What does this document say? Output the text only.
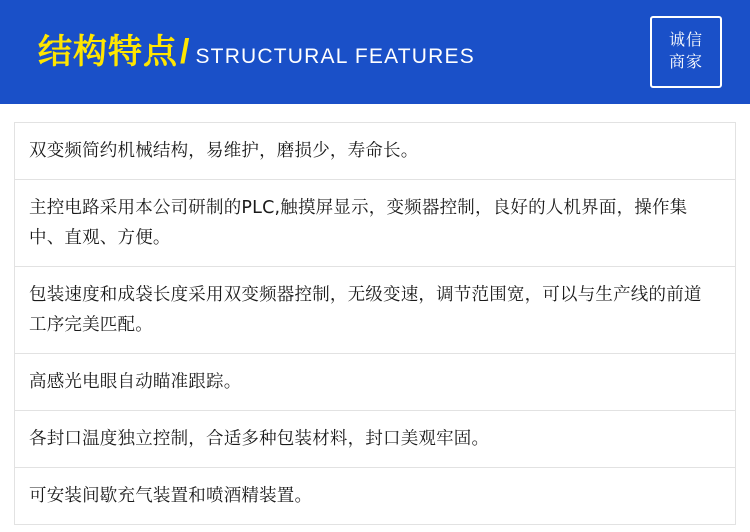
结构特点 / STRUCTURAL FEATURES
诚信
商家
双变频简约机械结构，易维护，磨损少，寿命长。
主控电路采用本公司研制的PLC,触摸屏显示，变频器控制，良好的人机界面，操作集中、直观、方便。
包装速度和成袋长度采用双变频器控制，无级变速，调节范围宽，可以与生产线的前道工序完美匹配。
高感光电眼自动瞄准跟踪。
各封口温度独立控制，合适多种包装材料，封口美观牢固。
可安装间歇充气装置和喷酒精装置。
